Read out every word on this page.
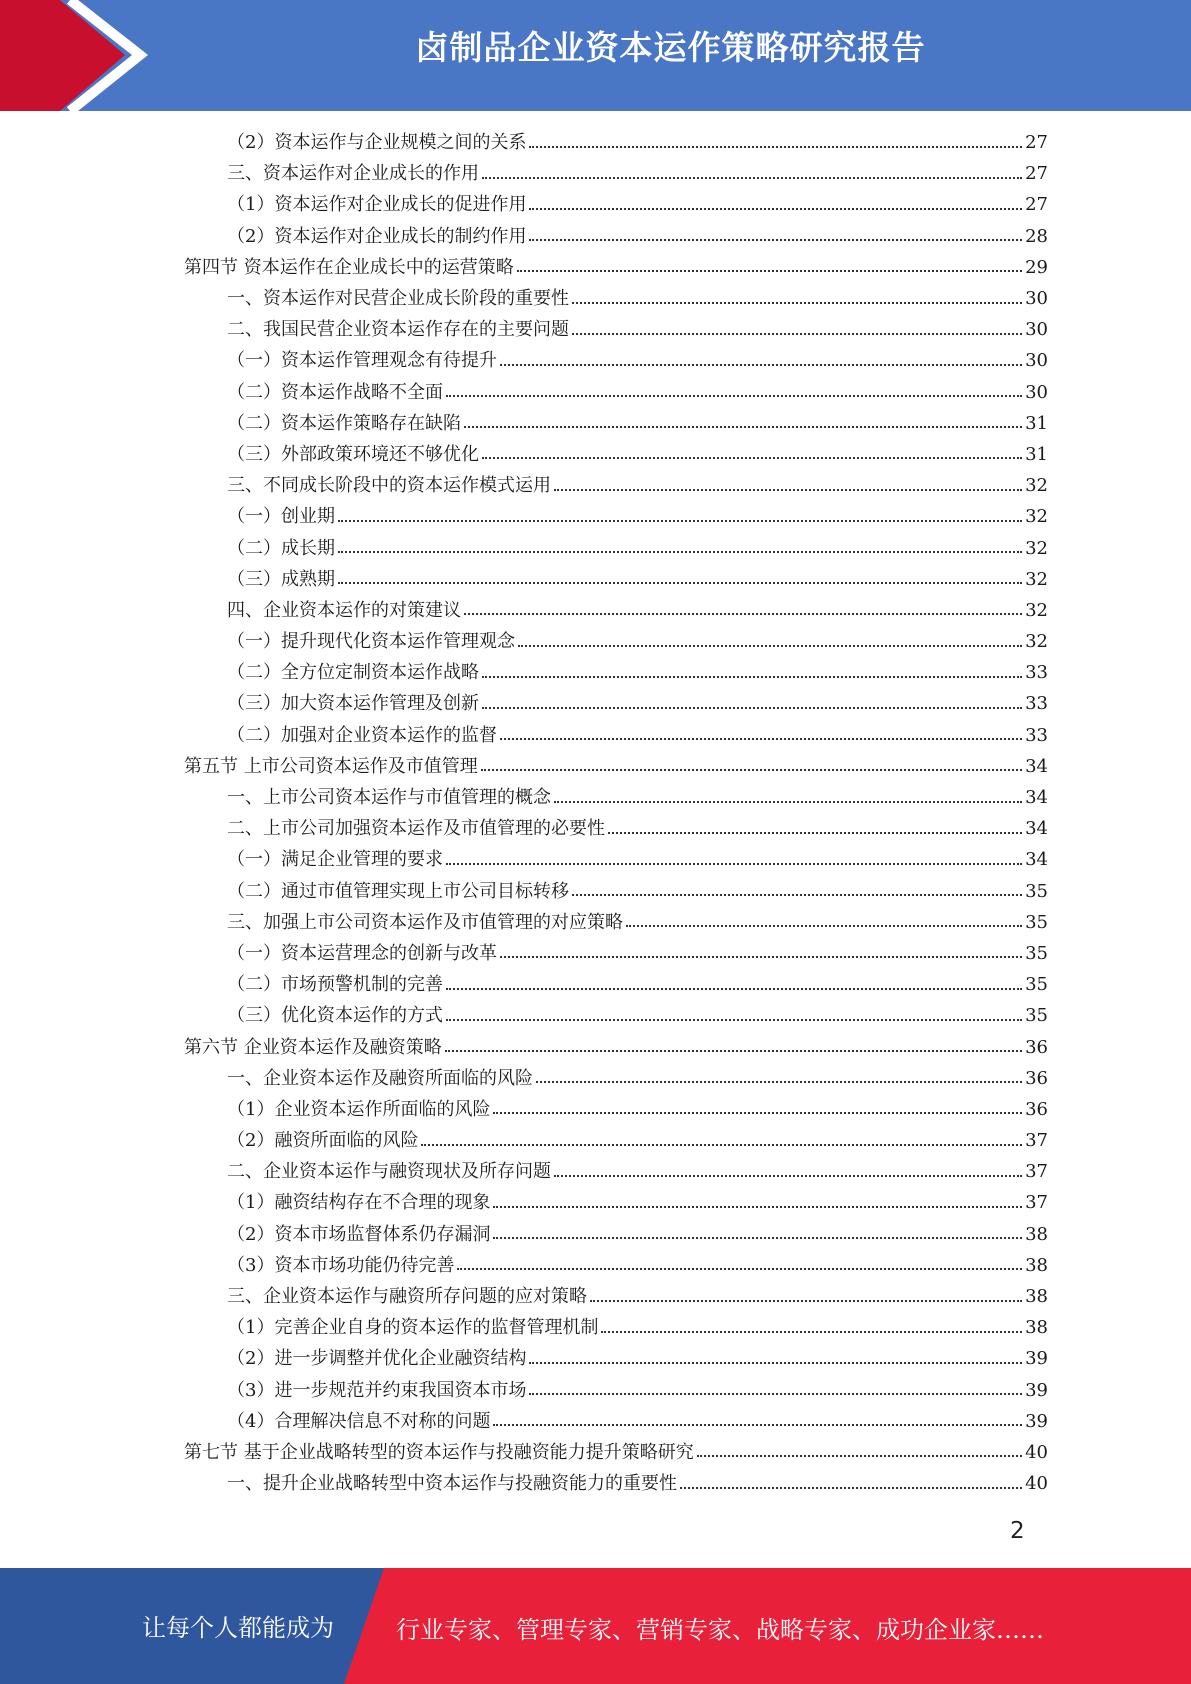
卤制品企业资本运作策略研究报告
（2）资本运作与企业规模之间的关系	27
三、资本运作对企业成长的作用	27
（1）资本运作对企业成长的促进作用	27
（2）资本运作对企业成长的制约作用	28
第四节 资本运作在企业成长中的运营策略	29
一、资本运作对民营企业成长阶段的重要性	30
二、我国民营企业资本运作存在的主要问题	30
（一）资本运作管理观念有待提升	30
（二）资本运作战略不全面	30
（二）资本运作策略存在缺陷	31
（三）外部政策环境还不够优化	31
三、不同成长阶段中的资本运作模式运用	32
（一）创业期	32
（二）成长期	32
（三）成熟期	32
四、企业资本运作的对策建议	32
（一）提升现代化资本运作管理观念	32
（二）全方位定制资本运作战略	33
（三）加大资本运作管理及创新	33
（二）加强对企业资本运作的监督	33
第五节 上市公司资本运作及市值管理	34
一、上市公司资本运作与市值管理的概念	34
二、上市公司加强资本运作及市值管理的必要性	34
（一）满足企业管理的要求	34
（二）通过市值管理实现上市公司目标转移	35
三、加强上市公司资本运作及市值管理的对应策略	35
（一）资本运营理念的创新与改革	35
（二）市场预警机制的完善	35
（三）优化资本运作的方式	35
第六节 企业资本运作及融资策略	36
一、企业资本运作及融资所面临的风险	36
（1）企业资本运作所面临的风险	36
（2）融资所面临的风险	37
二、企业资本运作与融资现状及所存问题	37
（1）融资结构存在不合理的现象	37
（2）资本市场监督体系仍存漏洞	38
（3）资本市场功能仍待完善	38
三、企业资本运作与融资所存问题的应对策略	38
（1）完善企业自身的资本运作的监督管理机制	38
（2）进一步调整并优化企业融资结构	39
（3）进一步规范并约束我国资本市场	39
（4）合理解决信息不对称的问题	39
第七节 基于企业战略转型的资本运作与投融资能力提升策略研究	40
一、提升企业战略转型中资本运作与投融资能力的重要性	40
2
让每个人都能成为	行业专家、管理专家、营销专家、战略专家、成功企业家……
